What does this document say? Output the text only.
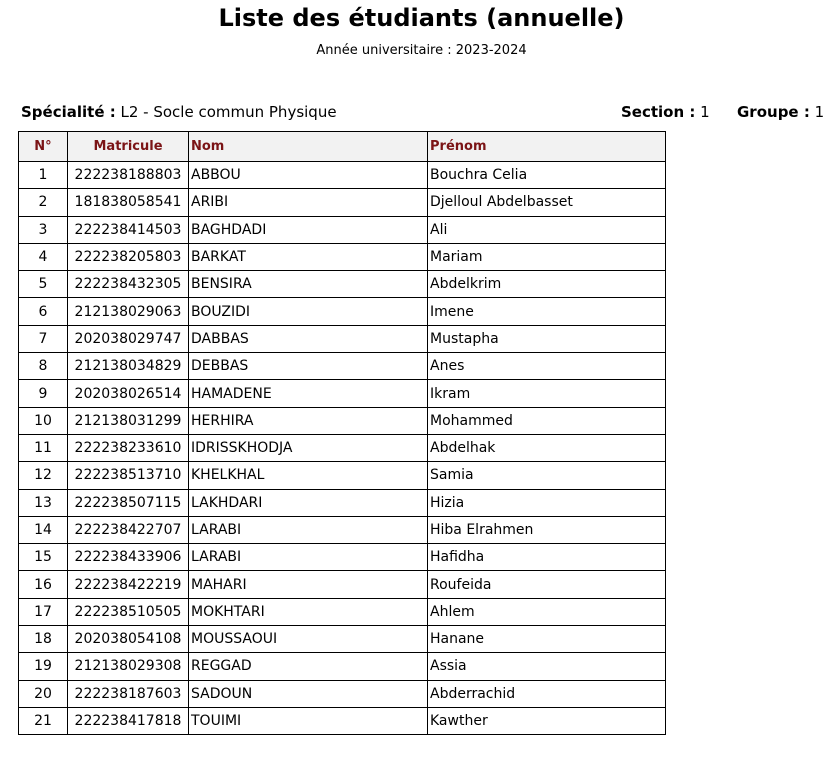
Liste des étudiants (annuelle)
Année universitaire : 2023-2024
Spécialité : L2 - Socle commun Physique	Section : 1 Groupe : 1
N°	Matricule	Nom	Prénom
1	222238188803	ABBOU	Bouchra Celia
2	181838058541	ARIBI	Djelloul Abdelbasset
3	222238414503	BAGHDADI	Ali
4	222238205803	BARKAT	Mariam
5	222238432305	BENSIRA	Abdelkrim
6	212138029063	BOUZIDI	Imene
7	202038029747	DABBAS	Mustapha
8	212138034829	DEBBAS	Anes
9	202038026514	HAMADENE	Ikram
10	212138031299	HERHIRA	Mohammed
11	222238233610	IDRISSKHODJA	Abdelhak
12	222238513710	KHELKHAL	Samia
13	222238507115	LAKHDARI	Hizia
14	222238422707	LARABI	Hiba Elrahmen
15	222238433906	LARABI	Hafidha
16	222238422219	MAHARI	Roufeida
17	222238510505	MOKHTARI	Ahlem
18	202038054108	MOUSSAOUI	Hanane
19	212138029308	REGGAD	Assia
20	222238187603	SADOUN	Abderrachid
21	222238417818	TOUIMI	Kawther
